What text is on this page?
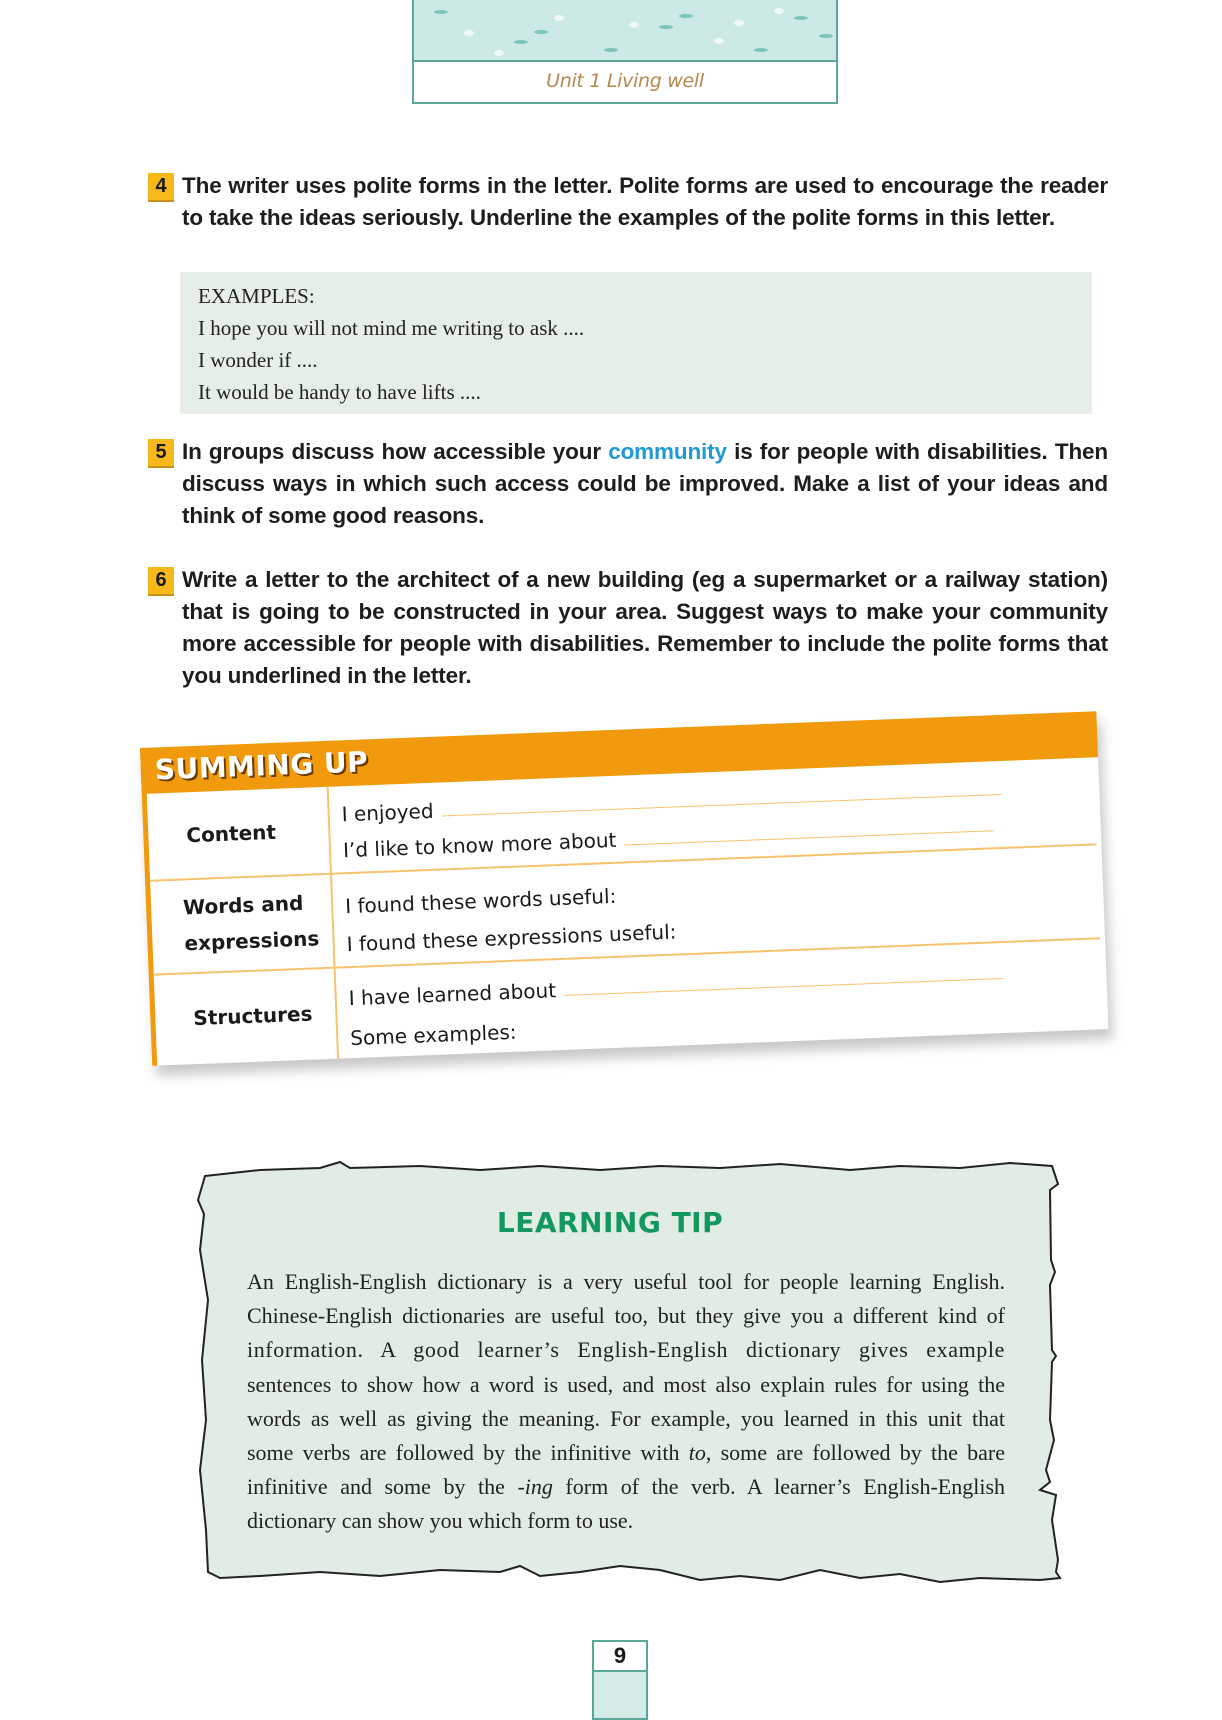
Unit 1 Living well
4 The writer uses polite forms in the letter. Polite forms are used to encourage the reader to take the ideas seriously. Underline the examples of the polite forms in this letter.
EXAMPLES:
I hope you will not mind me writing to ask ....
I wonder if ....
It would be handy to have lifts ....
5 In groups discuss how accessible your community is for people with disabilities. Then discuss ways in which such access could be improved. Make a list of your ideas and think of some good reasons.
6 Write a letter to the architect of a new building (eg a supermarket or a railway station) that is going to be constructed in your area. Suggest ways to make your community more accessible for people with disabilities. Remember to include the polite forms that you underlined in the letter.
SUMMING UP
Content
I enjoyed
I’d like to know more about
Words and expressions
I found these words useful:
I found these expressions useful:
Structures
I have learned about
Some examples:
LEARNING TIP
An English-English dictionary is a very useful tool for people learning English.
Chinese-English dictionaries are useful too, but they give you a different kind of
information. A good learner’s English-English dictionary gives example
sentences to show how a word is used, and most also explain rules for using the
words as well as giving the meaning. For example, you learned in this unit that
some verbs are followed by the infinitive with to, some are followed by the bare
infinitive and some by the -ing form of the verb. A learner’s English-English
dictionary can show you which form to use.
9
